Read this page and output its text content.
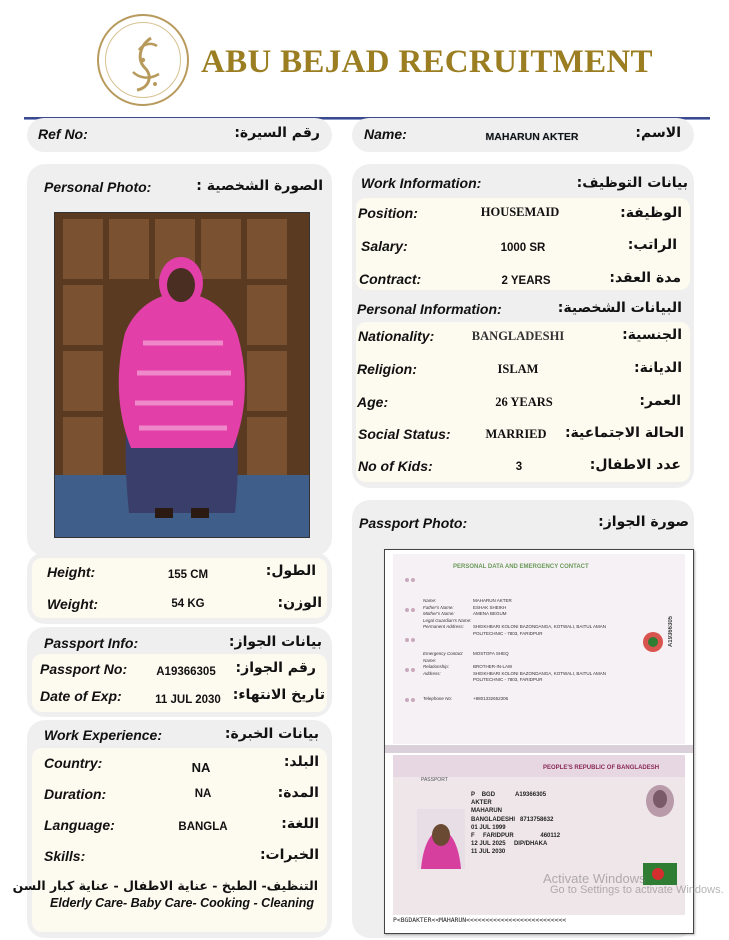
ABU BEJAD RECRUITMENT
Ref No:	رقم السيرة:	Name:	الاسم:
MAHARUN AKTER
Personal Photo:	الصورة الشخصية :
Height:	الطول:
155 CM
Weight:	الوزن:
54 KG
Passport Info:	بيانات الجواز:
Passport No:	رقم الجواز:
A19366305
Date of Exp:	تاريخ الانتهاء:
11 JUL 2030
Work Experience:	بيانات الخبرة:
Country:	البلد:
NA
Duration:	المدة:
NA
Language:	اللغة:
BANGLA
Skills:	الخبرات:
التنظيف- الطبخ - عناية الاطفال - عناية كبار السن
Elderly Care- Baby Care- Cooking - Cleaning
Work Information:	بيانات التوظيف:
Position:	الوظيفة:
HOUSEMAID
Salary:	الراتب:
1000 SR
Contract:	مدة العقد:
2 YEARS
Personal Information:	البيانات الشخصية:
Nationality:	الجنسية:
BANGLADESHI
Religion:	الديانة:
ISLAM
Age:	العمر:
26 YEARS
Social Status:	الحالة الاجتماعية:
MARRIED
No of Kids:	عدد الاطفال:
3
Passport Photo:	صورة الجواز:
PERSONAL DATA AND EMERGENCY CONTACT
Name:	MAHARUN AKTER
Father's Name:	ESHAK SHEIKH
Mother's Name:	AMENA BEGUM
Legal Guardian's Name:
Permanent Address:	SHEIKHBARI KOLONI BAZONDANGA, KOTWALI, BAITUL AMAN POLITECHNIC - 7803, FARIDPUR
Emergency Contact Name:
MOSTOFA SHEQ
Relationship:	BROTHER-IN-LAW
Address:	SHEIKHBARI KOLONI BAZONDANGA, KOTWALI, BAITUL AMAN POLITECHNIC - 7803, FARIDPUR
Telephone No:	+8801332652306
A19366305
PEOPLE'S REPUBLIC OF BANGLADESH
PASSPORT
P BGD	A19366305
AKTER
MAHARUN
BANGLADESHI 8713758632
01 JUL 1999
F FARIDPUR	460112
12 JUL 2025 DIP/DHAKA
11 JUL 2030
Activate Windows
P<BGDAKTER<<MAHARUN<<<<<<<<<<<<<<<<<<<<<<<<<<
Go to Settings to activate Windows.
